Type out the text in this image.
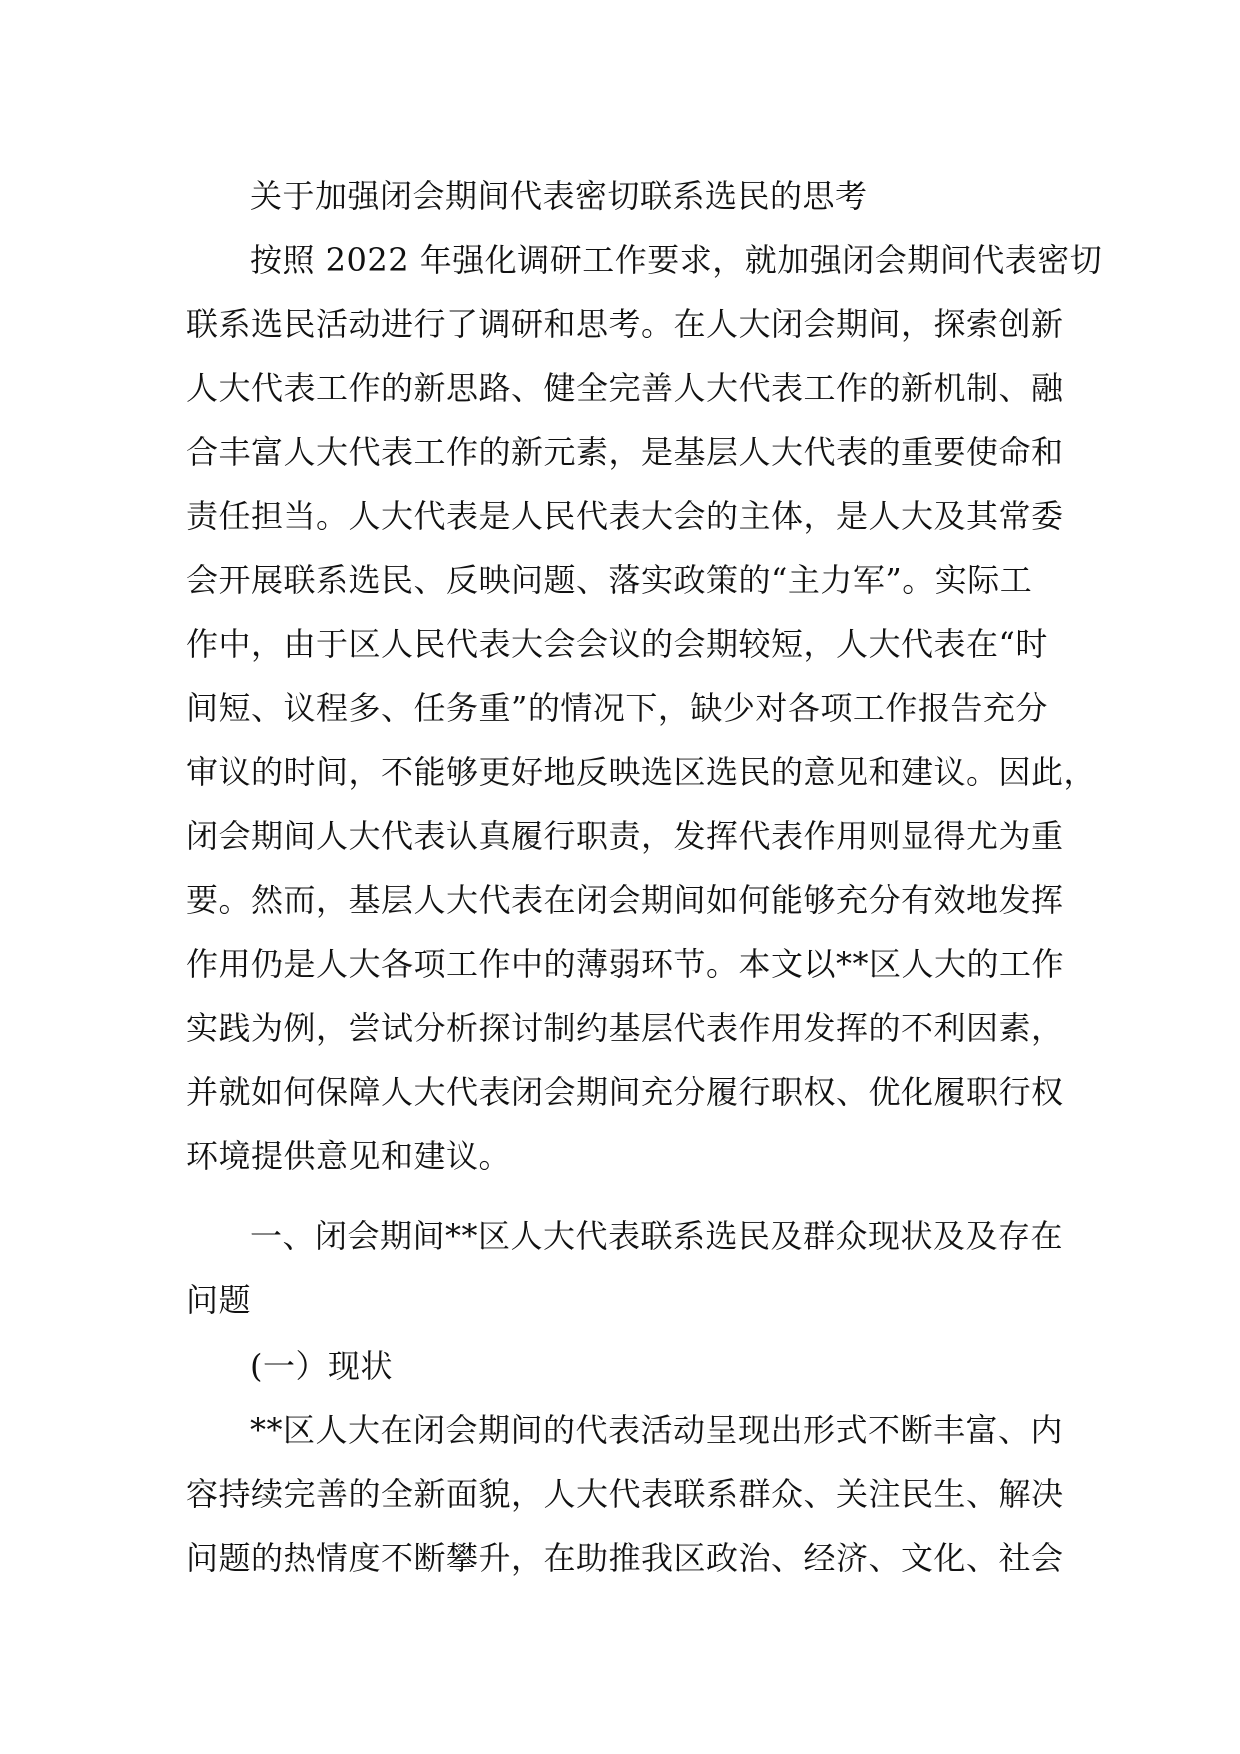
关于加强闭会期间代表密切联系选民的思考
按照 2022 年强化调研工作要求，就加强闭会期间代表密切
联系选民活动进行了调研和思考。在人大闭会期间，探索创新
人大代表工作的新思路、健全完善人大代表工作的新机制、融
合丰富人大代表工作的新元素，是基层人大代表的重要使命和
责任担当。人大代表是人民代表大会的主体，是人大及其常委
会开展联系选民、反映问题、落实政策的“主力军”。实际工
作中，由于区人民代表大会会议的会期较短，人大代表在“时
间短、议程多、任务重”的情况下，缺少对各项工作报告充分
审议的时间，不能够更好地反映选区选民的意见和建议。因此，
闭会期间人大代表认真履行职责，发挥代表作用则显得尤为重
要。然而，基层人大代表在闭会期间如何能够充分有效地发挥
作用仍是人大各项工作中的薄弱环节。本文以**区人大的工作
实践为例，尝试分析探讨制约基层代表作用发挥的不利因素，
并就如何保障人大代表闭会期间充分履行职权、优化履职行权
环境提供意见和建议。
一、闭会期间**区人大代表联系选民及群众现状及及存在
问题
(一）现状
**区人大在闭会期间的代表活动呈现出形式不断丰富、内
容持续完善的全新面貌，人大代表联系群众、关注民生、解决
问题的热情度不断攀升，在助推我区政治、经济、文化、社会
